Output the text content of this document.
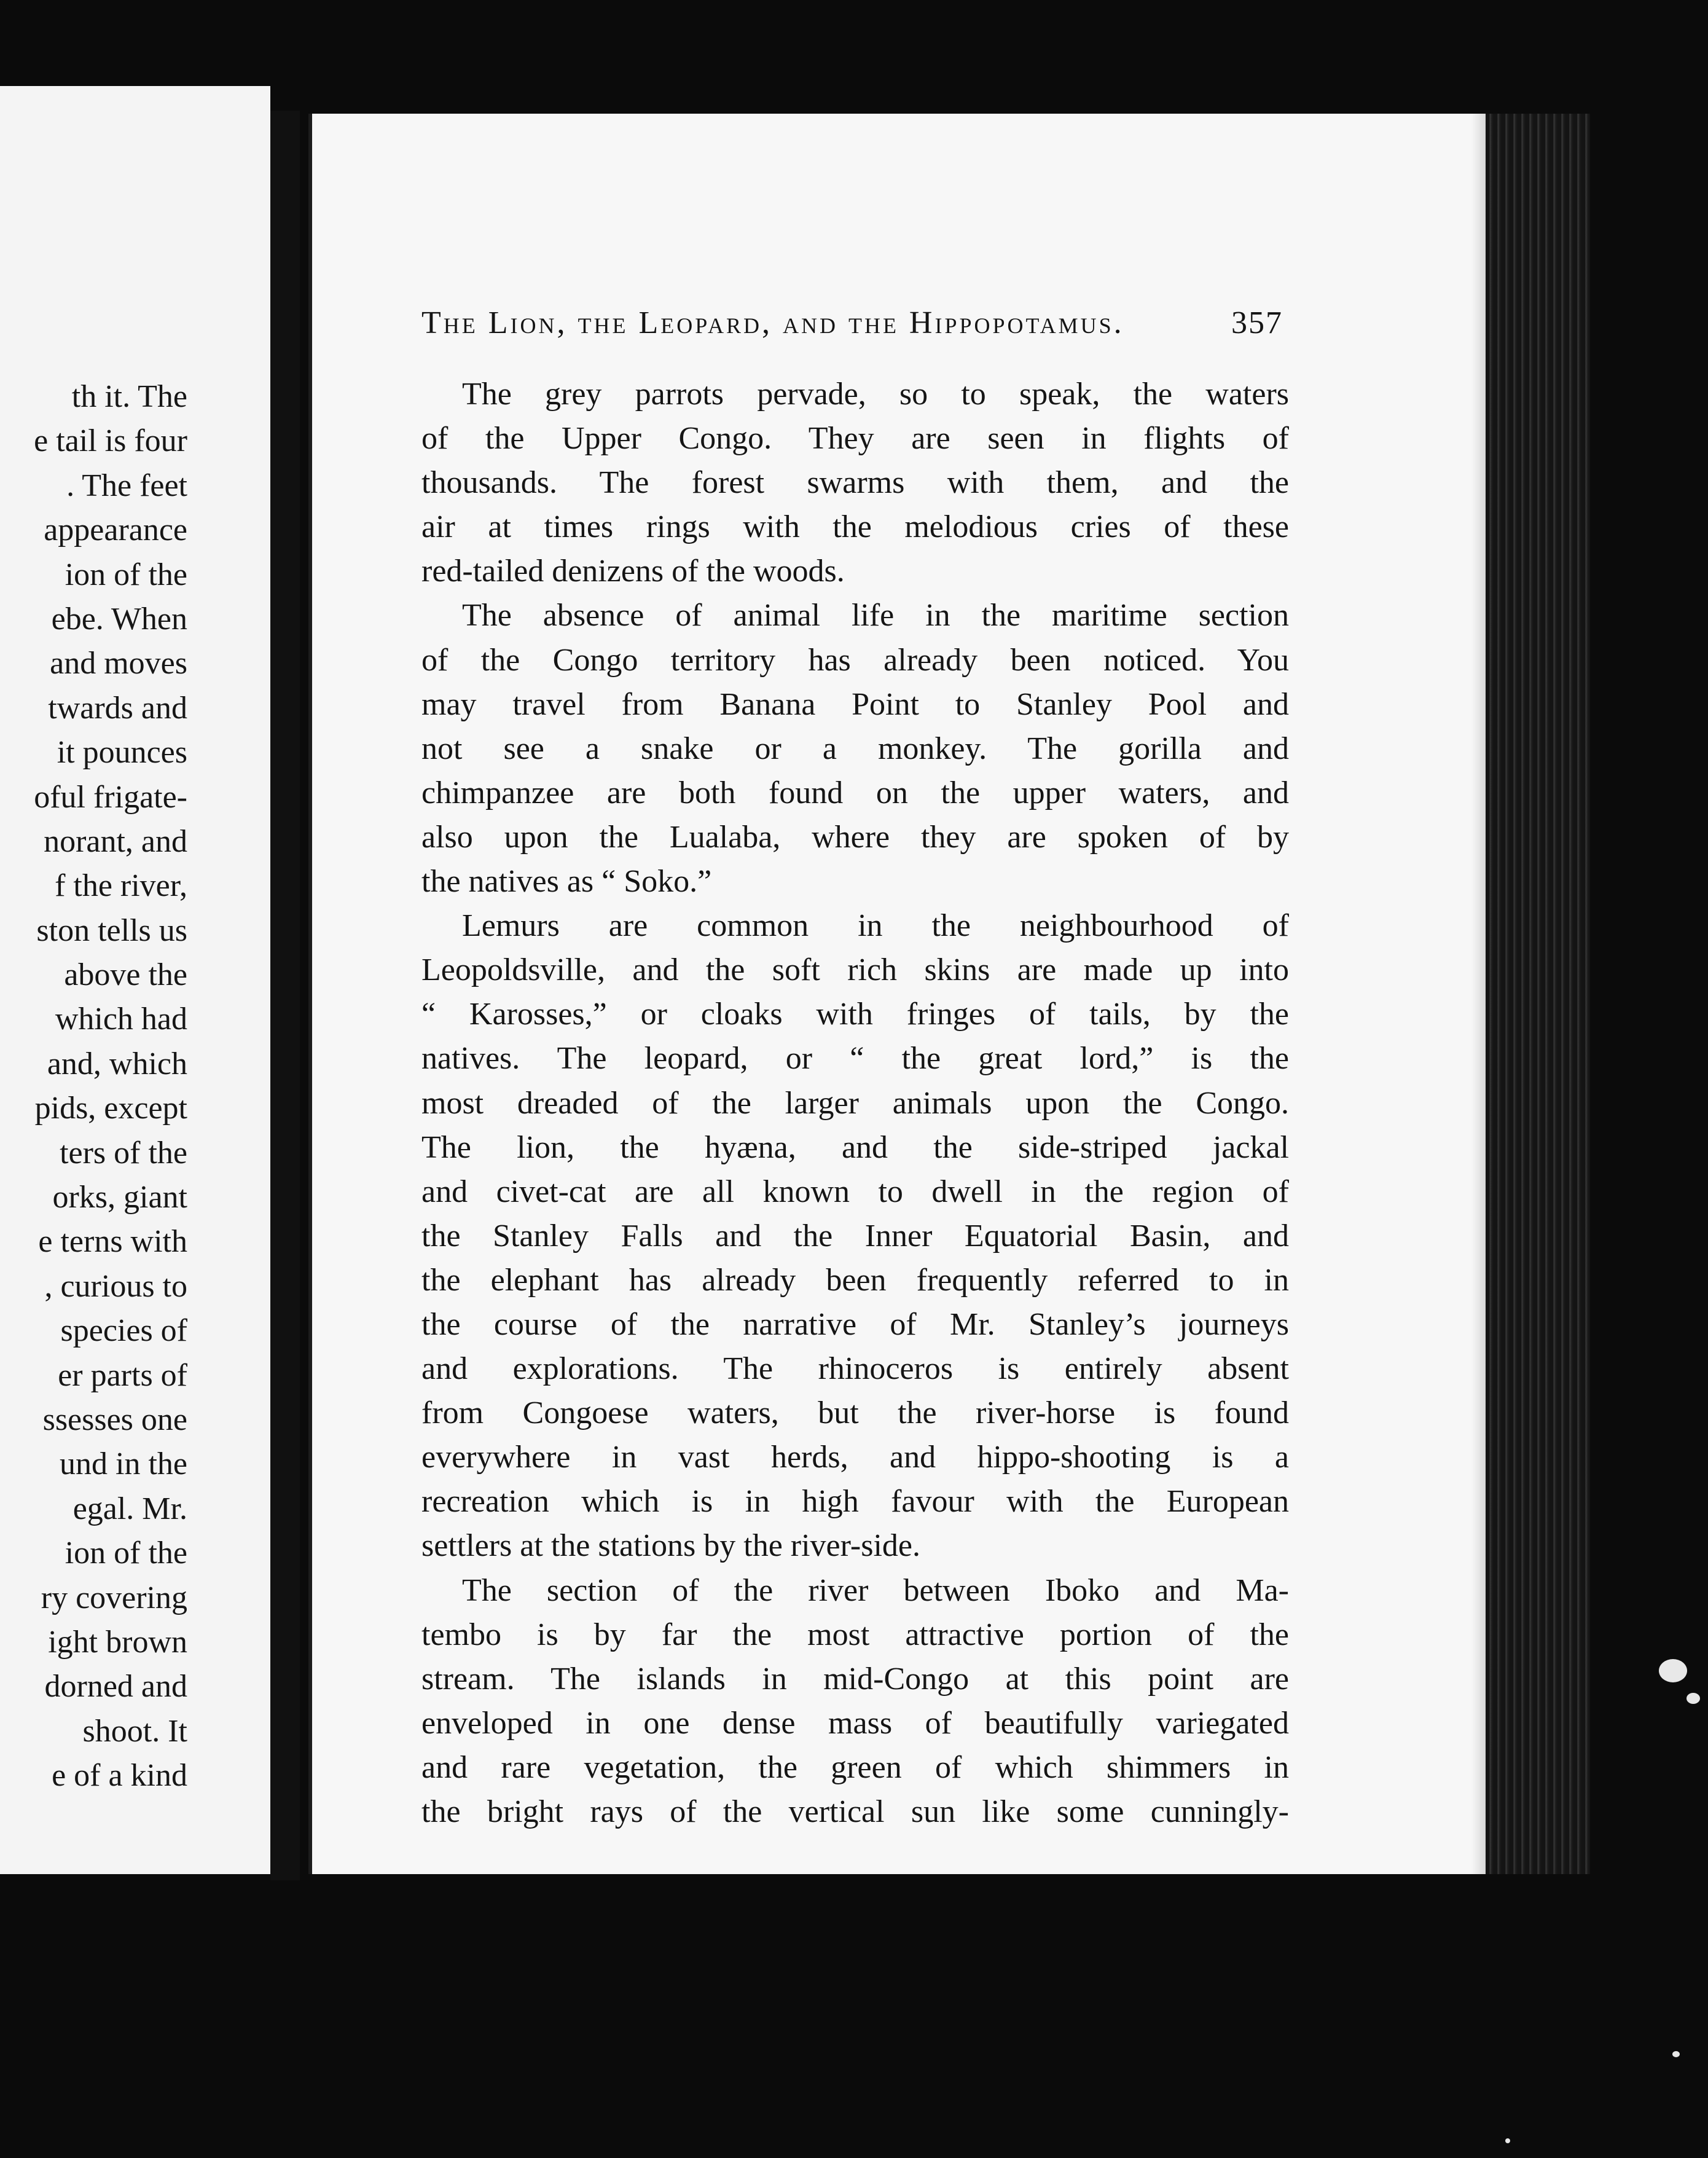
th it. The
e tail is four
. The feet
appearance
ion of the
ebe. When
and moves
twards and
it pounces
oful frigate-
norant, and
f the river,
ston tells us
above the
which had
and, which
pids, except
ters of the
orks, giant
e terns with
, curious to
species of
er parts of
ssesses one
und in the
egal. Mr.
ion of the
ry covering
ight brown
dorned and
shoot. It
e of a kind
The Lion, the Leopard, and the Hippopotamus.	357
The grey parrots pervade, so to speak, the waters
of the Upper Congo. They are seen in flights of
thousands. The forest swarms with them, and the
air at times rings with the melodious cries of these
red-tailed denizens of the woods.
The absence of animal life in the maritime section
of the Congo territory has already been noticed. You
may travel from Banana Point to Stanley Pool and
not see a snake or a monkey. The gorilla and
chimpanzee are both found on the upper waters, and
also upon the Lualaba, where they are spoken of by
the natives as “ Soko.”
Lemurs are common in the neighbourhood of
Leopoldsville, and the soft rich skins are made up into
“ Karosses,” or cloaks with fringes of tails, by the
natives. The leopard, or “ the great lord,” is the
most dreaded of the larger animals upon the Congo.
The lion, the hyæna, and the side-striped jackal
and civet-cat are all known to dwell in the region of
the Stanley Falls and the Inner Equatorial Basin, and
the elephant has already been frequently referred to in
the course of the narrative of Mr. Stanley’s journeys
and explorations. The rhinoceros is entirely absent
from Congoese waters, but the river-horse is found
everywhere in vast herds, and hippo-shooting is a
recreation which is in high favour with the European
settlers at the stations by the river-side.
The section of the river between Iboko and Ma-
tembo is by far the most attractive portion of the
stream. The islands in mid-Congo at this point are
enveloped in one dense mass of beautifully variegated
and rare vegetation, the green of which shimmers in
the bright rays of the vertical sun like some cunningly-
